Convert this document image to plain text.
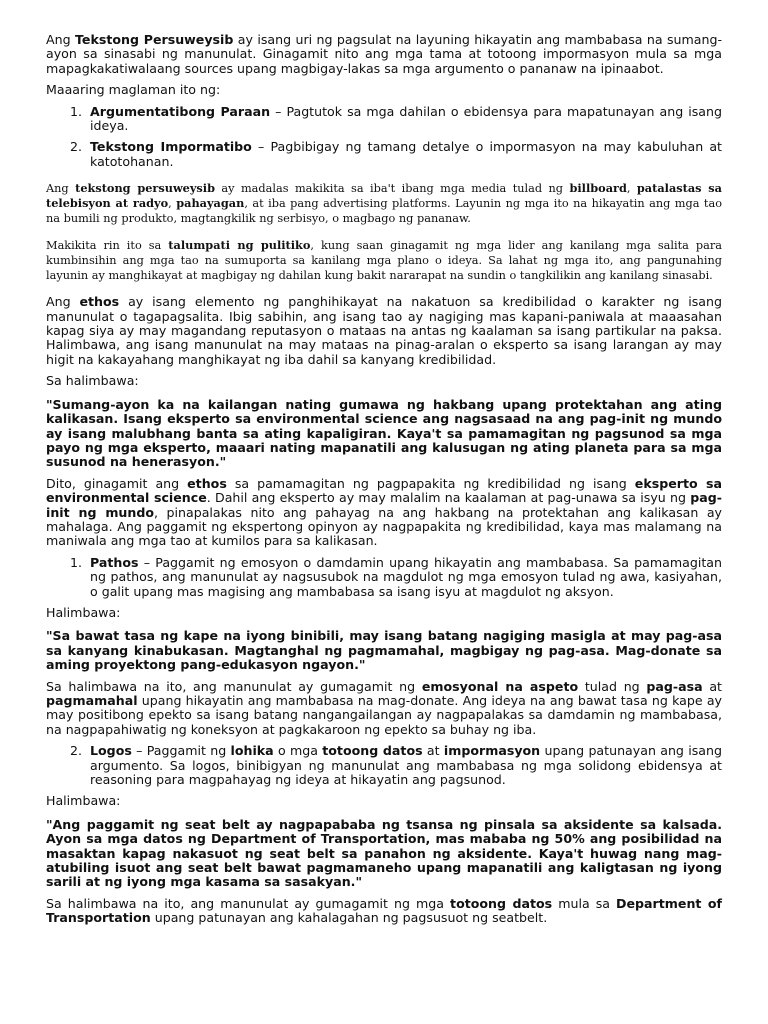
Ang Tekstong Persuweysib ay isang uri ng pagsulat na layuning hikayatin ang mambabasa na sumang-ayon sa sinasabi ng manunulat. Ginagamit nito ang mga tama at totoong impormasyon mula sa mga mapagkakatiwalaang sources upang magbigay-lakas sa mga argumento o pananaw na ipinaabot.

Maaaring maglaman ito ng:

1. Argumentatibong Paraan – Pagtutok sa mga dahilan o ebidensya para mapatunayan ang isang ideya.
2. Tekstong Impormatibo – Pagbibigay ng tamang detalye o impormasyon na may kabuluhan at katotohanan.

Ang tekstong persuweysib ay madalas makikita sa iba't ibang mga media tulad ng billboard, patalastas sa telebisyon at radyo, pahayagan, at iba pang advertising platforms. Layunin ng mga ito na hikayatin ang mga tao na bumili ng produkto, magtangkilik ng serbisyo, o magbago ng pananaw.

Makikita rin ito sa talumpati ng pulitiko, kung saan ginagamit ng mga lider ang kanilang mga salita para kumbinsihin ang mga tao na sumuporta sa kanilang mga plano o ideya. Sa lahat ng mga ito, ang pangunahing layunin ay manghikayat at magbigay ng dahilan kung bakit nararapat na sundin o tangkilikin ang kanilang sinasabi.

Ang ethos ay isang elemento ng panghihikayat na nakatuon sa kredibilidad o karakter ng isang manunulat o tagapagsalita. Ibig sabihin, ang isang tao ay nagiging mas kapani-paniwala at maaasahan kapag siya ay may magandang reputasyon o mataas na antas ng kaalaman sa isang partikular na paksa. Halimbawa, ang isang manunulat na may mataas na pinag-aralan o eksperto sa isang larangan ay may higit na kakayahang manghikayat ng iba dahil sa kanyang kredibilidad.

Sa halimbawa:

"Sumang-ayon ka na kailangan nating gumawa ng hakbang upang protektahan ang ating kalikasan. Isang eksperto sa environmental science ang nagsasaad na ang pag-init ng mundo ay isang malubhang banta sa ating kapaligiran. Kaya't sa pamamagitan ng pagsunod sa mga payo ng mga eksperto, maaari nating mapanatili ang kalusugan ng ating planeta para sa mga susunod na henerasyon."

Dito, ginagamit ang ethos sa pamamagitan ng pagpapakita ng kredibilidad ng isang eksperto sa environmental science. Dahil ang eksperto ay may malalim na kaalaman at pag-unawa sa isyu ng pag-init ng mundo, pinapalakas nito ang pahayag na ang hakbang na protektahan ang kalikasan ay mahalaga. Ang paggamit ng ekspertong opinyon ay nagpapakita ng kredibilidad, kaya mas malamang na maniwala ang mga tao at kumilos para sa kalikasan.

1. Pathos – Paggamit ng emosyon o damdamin upang hikayatin ang mambabasa. Sa pamamagitan ng pathos, ang manunulat ay nagsusubok na magdulot ng mga emosyon tulad ng awa, kasiyahan, o galit upang mas magising ang mambabasa sa isang isyu at magdulot ng aksyon.

Halimbawa:

"Sa bawat tasa ng kape na iyong binibili, may isang batang nagiging masigla at may pag-asa sa kanyang kinabukasan. Magtanghal ng pagmamahal, magbigay ng pag-asa. Mag-donate sa aming proyektong pang-edukasyon ngayon."

Sa halimbawa na ito, ang manunulat ay gumagamit ng emosyonal na aspeto tulad ng pag-asa at pagmamahal upang hikayatin ang mambabasa na mag-donate. Ang ideya na ang bawat tasa ng kape ay may positibong epekto sa isang batang nangangailangan ay nagpapalakas sa damdamin ng mambabasa, na nagpapahiwatig ng koneksyon at pagkakaroon ng epekto sa buhay ng iba.

2. Logos – Paggamit ng lohika o mga totoong datos at impormasyon upang patunayan ang isang argumento. Sa logos, binibigyan ng manunulat ang mambabasa ng mga solidong ebidensya at reasoning para magpahayag ng ideya at hikayatin ang pagsunod.

Halimbawa:

"Ang paggamit ng seat belt ay nagpapababa ng tsansa ng pinsala sa aksidente sa kalsada. Ayon sa mga datos ng Department of Transportation, mas mababa ng 50% ang posibilidad na masaktan kapag nakasuot ng seat belt sa panahon ng aksidente. Kaya't huwag nang mag-atubiling isuot ang seat belt bawat pagmamaneho upang mapanatili ang kaligtasan ng iyong sarili at ng iyong mga kasama sa sasakyan."

Sa halimbawa na ito, ang manunulat ay gumagamit ng mga totoong datos mula sa Department of Transportation upang patunayan ang kahalagahan ng pagsusuot ng seatbelt.
